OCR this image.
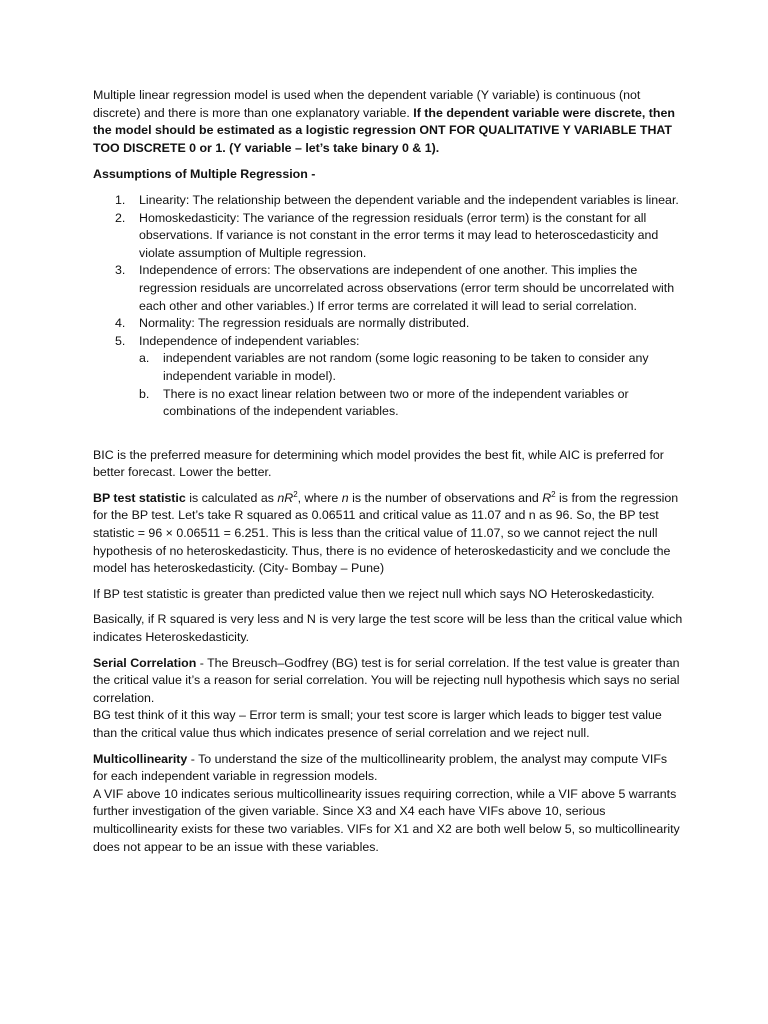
Multiple linear regression model is used when the dependent variable (Y variable) is continuous (not discrete) and there is more than one explanatory variable. If the dependent variable were discrete, then the model should be estimated as a logistic regression ONT FOR QUALITATIVE Y VARIABLE THAT TOO DISCRETE 0 or 1. (Y variable – let’s take binary 0 & 1).

Assumptions of Multiple Regression -

1. Linearity: The relationship between the dependent variable and the independent variables is linear.
2. Homoskedasticity: The variance of the regression residuals (error term) is the constant for all observations. If variance is not constant in the error terms it may lead to heteroscedasticity and violate assumption of Multiple regression.
3. Independence of errors: The observations are independent of one another. This implies the regression residuals are uncorrelated across observations (error term should be uncorrelated with each other and other variables.) If error terms are correlated it will lead to serial correlation.
4. Normality: The regression residuals are normally distributed.
5. Independence of independent variables:
a. independent variables are not random (some logic reasoning to be taken to consider any independent variable in model).
b. There is no exact linear relation between two or more of the independent variables or combinations of the independent variables.

BIC is the preferred measure for determining which model provides the best fit, while AIC is preferred for better forecast. Lower the better.

BP test statistic is calculated as $nR^2$, where n is the number of observations and $R^2$ is from the regression for the BP test. Let’s take R squared as 0.06511 and critical value as 11.07 and n as 96. So, the BP test statistic = 96 × 0.06511 = 6.251. This is less than the critical value of 11.07, so we cannot reject the null hypothesis of no heteroskedasticity. Thus, there is no evidence of heteroskedasticity and we conclude the model has heteroskedasticity. (City- Bombay – Pune)

If BP test statistic is greater than predicted value then we reject null which says NO Heteroskedasticity.

Basically, if R squared is very less and N is very large the test score will be less than the critical value which indicates Heteroskedasticity.

Serial Correlation - The Breusch–Godfrey (BG) test is for serial correlation. If the test value is greater than the critical value it’s a reason for serial correlation. You will be rejecting null hypothesis which says no serial correlation.

BG test think of it this way – Error term is small; your test score is larger which leads to bigger test value than the critical value thus which indicates presence of serial correlation and we reject null.

Multicollinearity - To understand the size of the multicollinearity problem, the analyst may compute VIFs for each independent variable in regression models.

A VIF above 10 indicates serious multicollinearity issues requiring correction, while a VIF above 5 warrants further investigation of the given variable. Since X3 and X4 each have VIFs above 10, serious multicollinearity exists for these two variables. VIFs for X1 and X2 are both well below 5, so multicollinearity does not appear to be an issue with these variables.
